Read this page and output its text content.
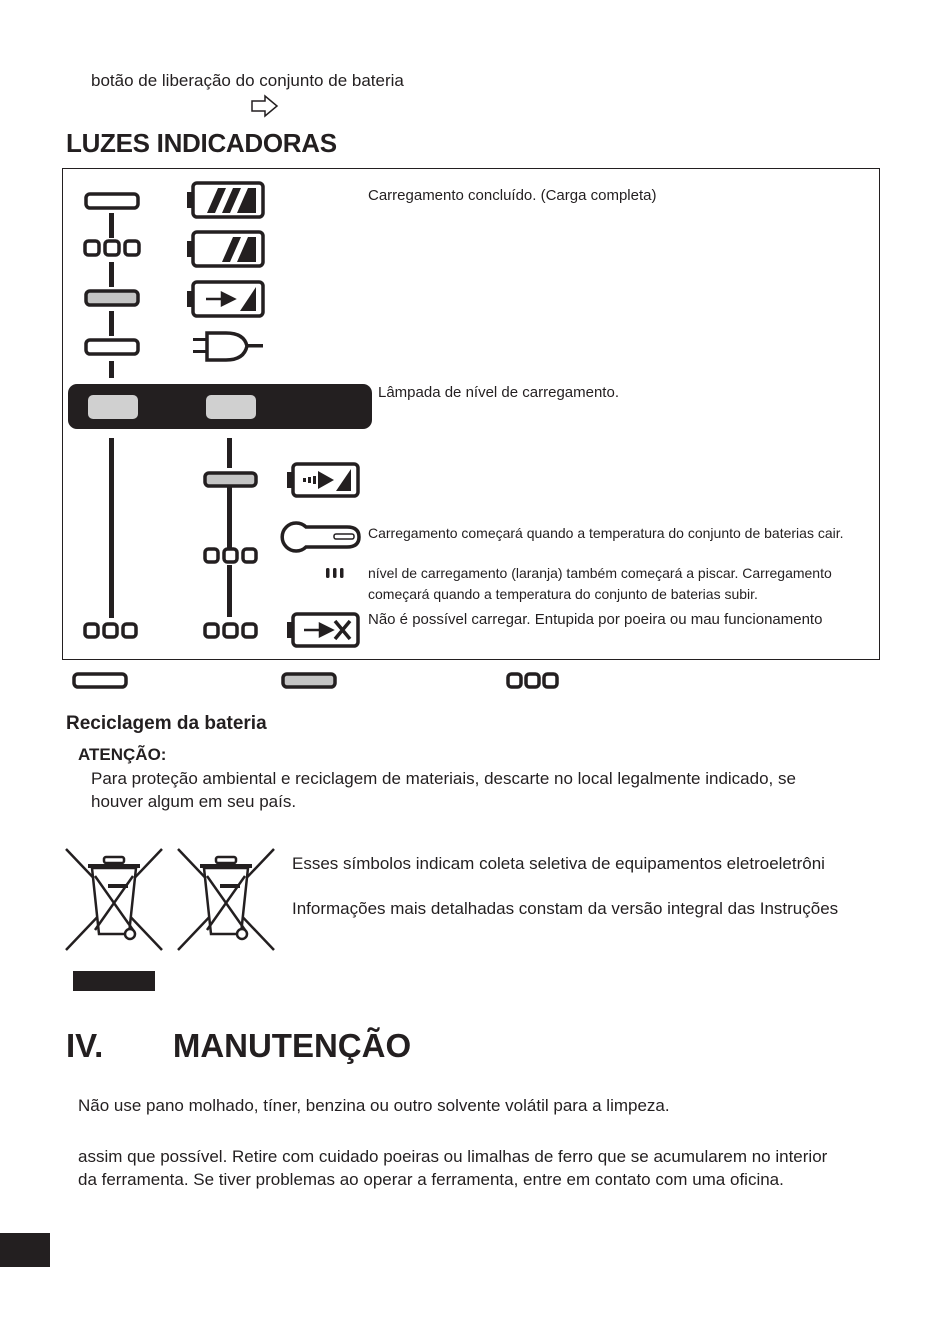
botão de liberação do conjunto de bateria
LUZES INDICADORAS
Carregamento concluído. (Carga completa)
Lâmpada de nível de carregamento.
Carregamento começará quando a temperatura do conjunto de baterias cair.
nível de carregamento (laranja) também começará a piscar. Carregamento
começará quando a temperatura do conjunto de baterias subir.
Não é possível carregar. Entupida por poeira ou mau funcionamento
Reciclagem da bateria
ATENÇÃO:
Para proteção ambiental e reciclagem de materiais, descarte no local legalmente indicado, se
houver algum em seu país.
Esses símbolos indicam coleta seletiva de equipamentos eletroeletrôni
Informações mais detalhadas constam da versão integral das Instruções
IV.   MANUTENÇÃO
Não use pano molhado, tíner, benzina ou outro solvente volátil para a limpeza.
assim que possível. Retire com cuidado poeiras ou limalhas de ferro que se acumularem no interior
da ferramenta. Se tiver problemas ao operar a ferramenta, entre em contato com uma oficina.
